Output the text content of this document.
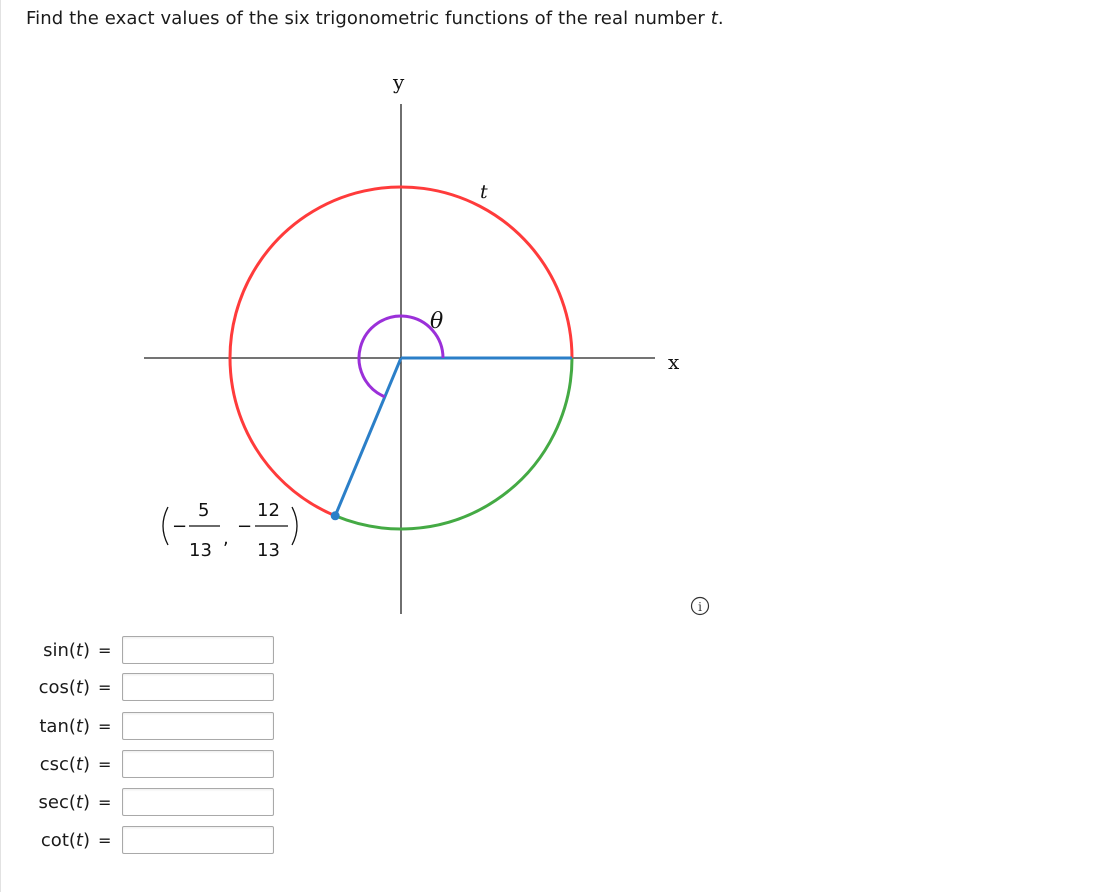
Find the exact values of the six trigonometric functions of the real number t.
x
y
t
θ
−
5
13
,
−
12
13
i
sin(t) =
cos(t) =
tan(t) =
csc(t) =
sec(t) =
cot(t) =
